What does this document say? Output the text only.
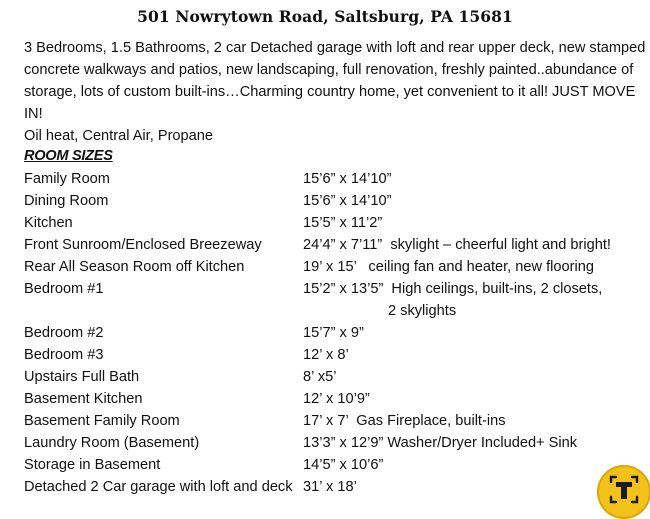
501 Nowrytown Road, Saltsburg, PA 15681
3 Bedrooms, 1.5 Bathrooms, 2 car Detached garage with loft and rear upper deck, new stamped
concrete walkways and patios, new landscaping, full renovation, freshly painted..abundance of
storage, lots of custom built-ins…Charming country home, yet convenient to it all! JUST MOVE IN!
Oil heat, Central Air, Propane
ROOM SIZES
Family Room	15’6” x 14’10”
Dining Room	15’6” x 14’10”
Kitchen	15’5” x 11’2”
Front Sunroom/Enclosed Breezeway	24’4” x 7’11”  skylight – cheerful light and bright!
Rear All Season Room off Kitchen	19’ x 15’   ceiling fan and heater, new flooring
Bedroom #1	15’2” x 13’5”  High ceilings, built-ins, 2 closets,
2 skylights
Bedroom #2	15’7” x 9”
Bedroom #3	12’ x 8’
Upstairs Full Bath	8’ x5’
Basement Kitchen	12’ x 10’9”
Basement Family Room	17’ x 7’  Gas Fireplace, built-ins
Laundry Room (Basement)	13’3” x 12’9” Washer/Dryer Included+ Sink
Storage in Basement	14’5” x 10’6”
Detached 2 Car garage with loft and deck 31’ x 18’
